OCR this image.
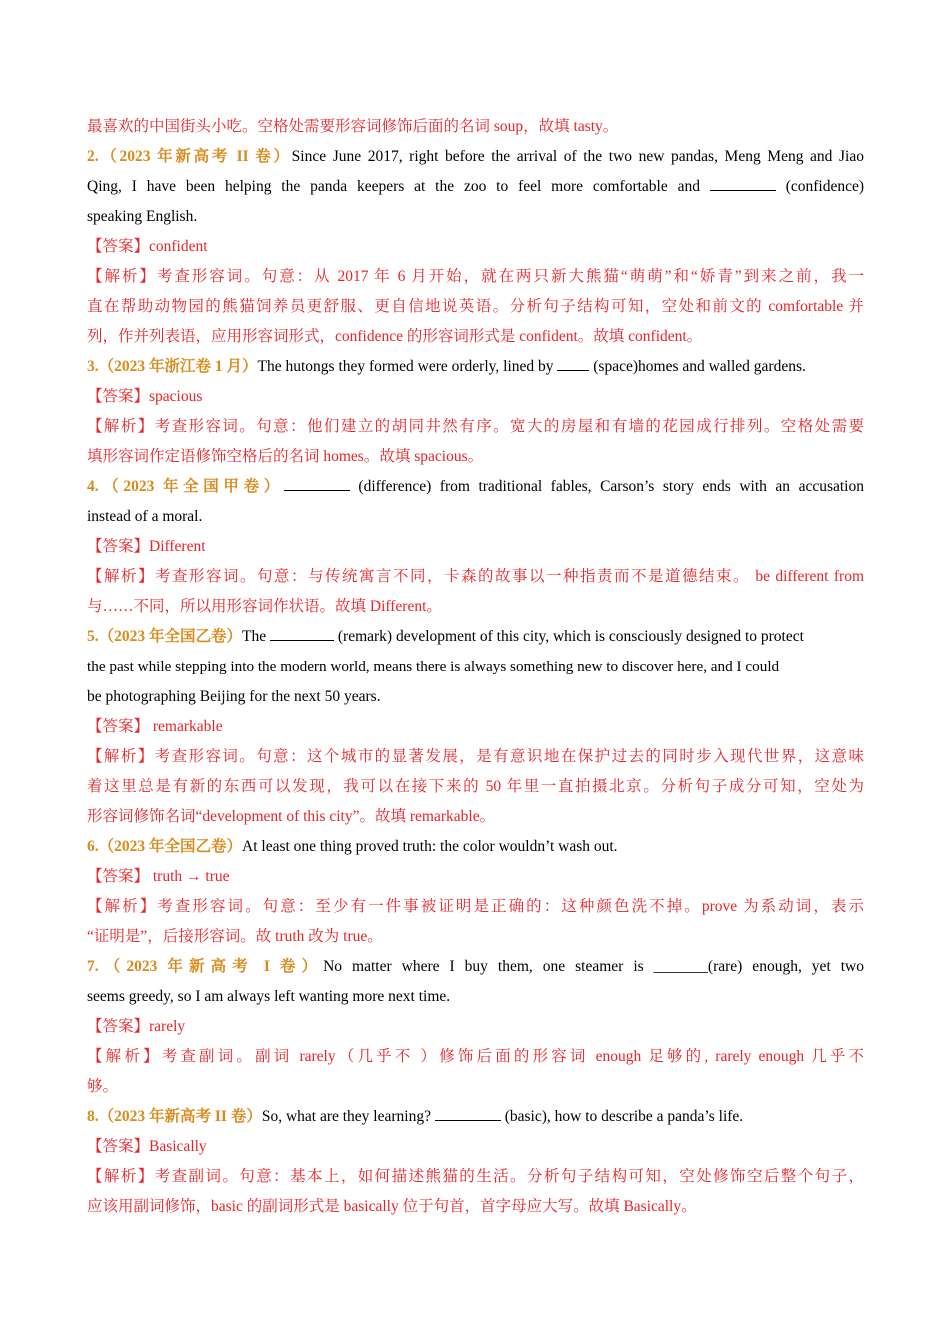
最喜欢的中国街头小吃。空格处需要形容词修饰后面的名词 soup，故填 tasty。

2.（2023 年新高考 II 卷）Since June 2017, right before the arrival of the two new pandas, Meng Meng and Jiao

Qing, I have been helping the panda keepers at the zoo to feel more comfortable and	(confidence)

speaking English.

【答案】confident

【解析】考查形容词。句意：从 2017 年 6 月开始，就在两只新大熊猫“萌萌”和“娇青”到来之前，我一

直在帮助动物园的熊猫饲养员更舒服、更自信地说英语。分析句子结构可知，空处和前文的 comfortable 并

列，作并列表语，应用形容词形式，confidence 的形容词形式是 confident。故填 confident。

3.（2023 年浙江卷 1 月）The hutongs they formed were orderly, lined by	(space)homes and walled gardens.

【答案】spacious

【解析】考查形容词。句意：他们建立的胡同井然有序。宽大的房屋和有墙的花园成行排列。空格处需要

填形容词作定语修饰空格后的名词 homes。故填 spacious。

4.（2023 年全国甲卷）	(difference) from traditional fables, Carson’s story ends with an accusation

instead of a moral.

【答案】Different

【解析】考查形容词。句意：与传统寓言不同，卡森的故事以一种指责而不是道德结束。 be different from

与……不同，所以用形容词作状语。故填 Different。

5.（2023 年全国乙卷）The	(remark) development of this city, which is consciously designed to protect

the past while stepping into the modern world, means there is always something new to discover here, and I could

be photographing Beijing for the next 50 years.

【答案】 remarkable

【解析】考查形容词。句意：这个城市的显著发展，是有意识地在保护过去的同时步入现代世界，这意味

着这里总是有新的东西可以发现，我可以在接下来的 50 年里一直拍摄北京。分析句子成分可知，空处为

形容词修饰名词“development of this city”。故填 remarkable。

6.（2023 年全国乙卷）At least one thing proved truth: the color wouldn’t wash out.

【答案】 truth → true

【解析】考查形容词。句意：至少有一件事被证明是正确的：这种颜色洗不掉。prove 为系动词，表示

“证明是”，后接形容词。故 truth 改为 true。

7.（2023 年新高考 I 卷）No matter where I buy them, one steamer is _______(rare) enough, yet two

seems greedy, so I am always left wanting more next time.

【答案】rarely

【解析】考查副词。副词 rarely（几乎不 ）修饰后面的形容词 enough 足够的, rarely enough 几乎不

够。

8.（2023 年新高考 II 卷）So, what are they learning?	(basic), how to describe a panda’s life.

【答案】Basically

【解析】考查副词。句意：基本上，如何描述熊猫的生活。分析句子结构可知，空处修饰空后整个句子，

应该用副词修饰，basic 的副词形式是 basically 位于句首，首字母应大写。故填 Basically。
